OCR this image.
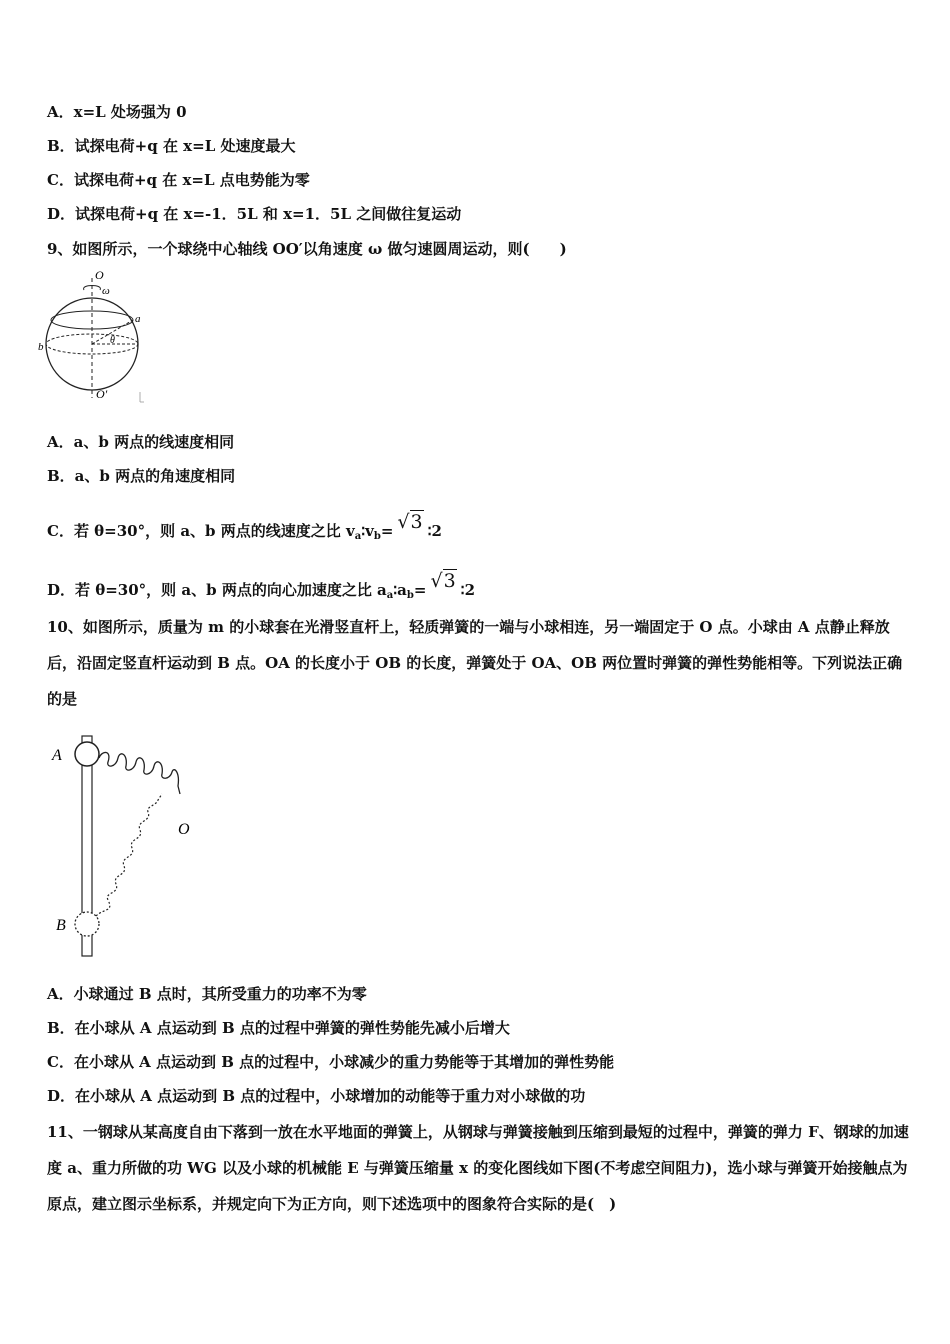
A．x=L 处场强为 0
B．试探电荷+q 在 x=L 处速度最大
C．试探电荷+q 在 x=L 点电势能为零
D．试探电荷+q 在 x=-1．5L 和 x=1．5L 之间做往复运动
9、如图所示，一个球绕中心轴线 OO′以角速度 ω 做匀速圆周运动，则(　　)
O
ω
a
θ
b
O′
A．a、b 两点的线速度相同
B．a、b 两点的角速度相同
C．若 θ=30°，则 a、b 两点的线速度之比 $v_a∶v_b= √3$ ∶2
D．若 θ=30°，则 a、b 两点的向心加速度之比 $a_a∶a_b= √3$ ∶2
10、如图所示，质量为 m 的小球套在光滑竖直杆上，轻质弹簧的一端与小球相连，另一端固定于 O 点。小球由 A 点静止释放后，沿固定竖直杆运动到 B 点。OA 的长度小于 OB 的长度，弹簧处于 OA、OB 两位置时弹簧的弹性势能相等。下列说法正确的是
A
O
B
A．小球通过 B 点时，其所受重力的功率不为零
B．在小球从 A 点运动到 B 点的过程中弹簧的弹性势能先减小后增大
C．在小球从 A 点运动到 B 点的过程中，小球减少的重力势能等于其增加的弹性势能
D．在小球从 A 点运动到 B 点的过程中，小球增加的动能等于重力对小球做的功
11、一钢球从某高度自由下落到一放在水平地面的弹簧上，从钢球与弹簧接触到压缩到最短的过程中，弹簧的弹力 F、钢球的加速度 a、重力所做的功 WG 以及小球的机械能 E 与弹簧压缩量 x 的变化图线如下图(不考虑空间阻力)，选小球与弹簧开始接触点为原点，建立图示坐标系，并规定向下为正方向，则下述选项中的图象符合实际的是(　)
